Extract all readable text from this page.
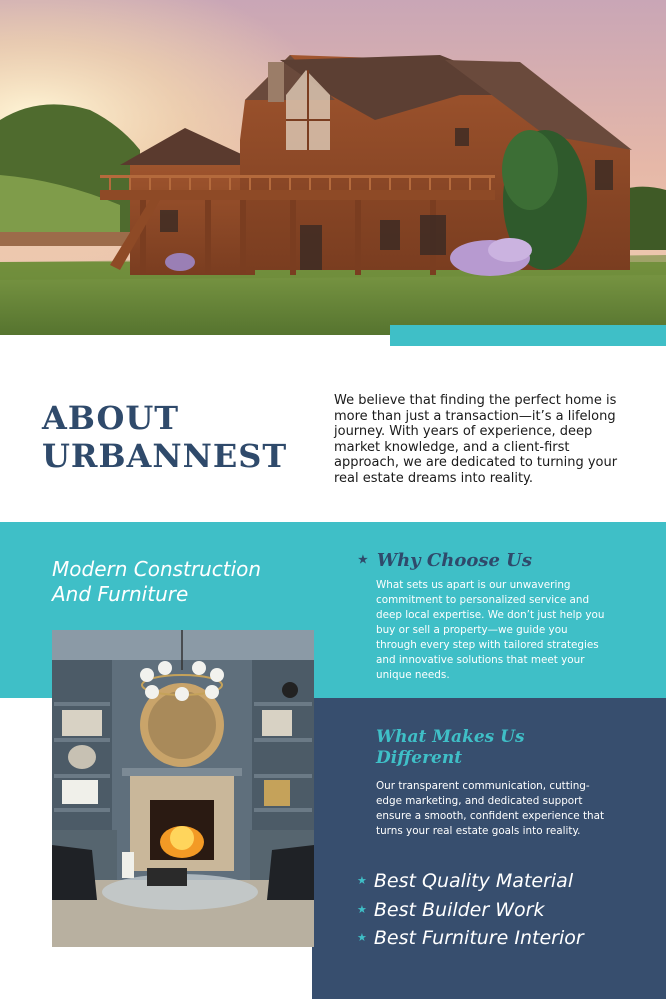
ABOUT
URBANNEST

We believe that finding the perfect home is more than just a transaction—it’s a lifelong journey. With years of experience, deep market knowledge, and a client-first approach, we are dedicated to turning your real estate dreams into reality.

Modern Construction
And Furniture
★ Why Choose Us

What sets us apart is our unwavering commitment to personalized service and deep local expertise. We don’t just help you buy or sell a property—we guide you through every step with tailored strategies and innovative solutions that meet your unique needs.

What Makes Us
Different

Our transparent communication, cutting-edge marketing, and dedicated support ensure a smooth, confident experience that turns your real estate goals into reality.

★ Best Quality Material
★ Best Builder Work
★ Best Furniture Interior
